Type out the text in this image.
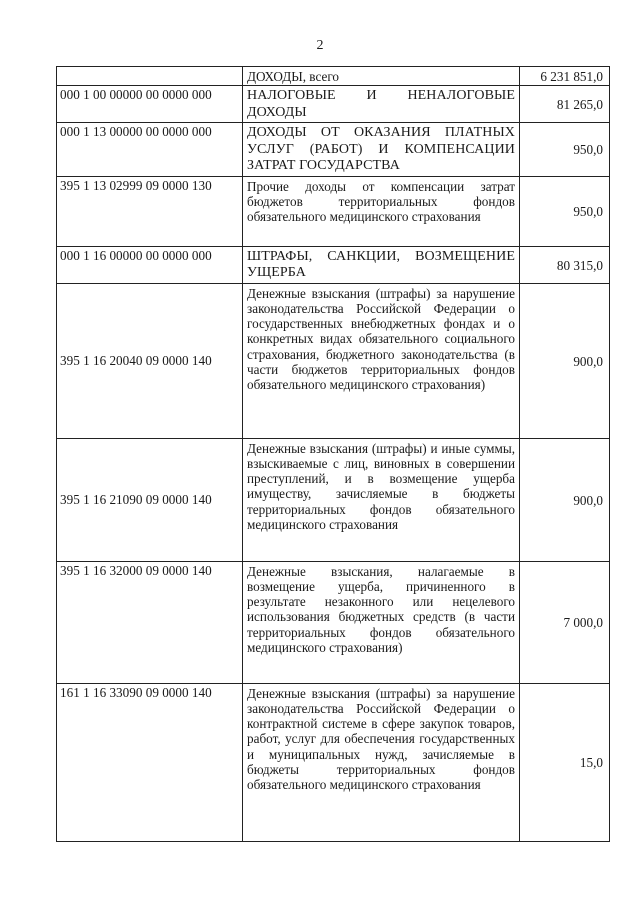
2
	ДОХОДЫ, всего	6 231 851,0
000 1 00 00000 00 0000 000	НАЛОГОВЫЕ И НЕНАЛОГОВЫЕ ДОХОДЫ	81 265,0
000 1 13 00000 00 0000 000	ДОХОДЫ ОТ ОКАЗАНИЯ ПЛАТНЫХ УСЛУГ (РАБОТ) И КОМПЕНСАЦИИ ЗАТРАТ ГОСУДАРСТВА	950,0
395 1 13 02999 09 0000 130	Прочие доходы от компенсации затрат бюджетов территориальных фондов обязательного медицинского страхования	950,0
000 1 16 00000 00 0000 000	ШТРАФЫ, САНКЦИИ, ВОЗМЕЩЕНИЕ УЩЕРБА	80 315,0
395 1 16 20040 09 0000 140	Денежные взыскания (штрафы) за нарушение законодательства Российской Федерации о государственных внебюджетных фондах и о конкретных видах обязательного социального страхования, бюджетного законодательства (в части бюджетов территориальных фондов обязательного медицинского страхования)	900,0
395 1 16 21090 09 0000 140	Денежные взыскания (штрафы) и иные суммы, взыскиваемые с лиц, виновных в совершении преступлений, и в возмещение ущерба имуществу, зачисляемые в бюджеты территориальных фондов обязательного медицинского страхования	900,0
395 1 16 32000 09 0000 140	Денежные взыскания, налагаемые в возмещение ущерба, причиненного в результате незаконного или нецелевого использования бюджетных средств (в части территориальных фондов обязательного медицинского страхования)	7 000,0
161 1 16 33090 09 0000 140	Денежные взыскания (штрафы) за нарушение законодательства Российской Федерации о контрактной системе в сфере закупок товаров, работ, услуг для обеспечения государственных и муниципальных нужд, зачисляемые в бюджеты территориальных фондов обязательного медицинского страхования	15,0
